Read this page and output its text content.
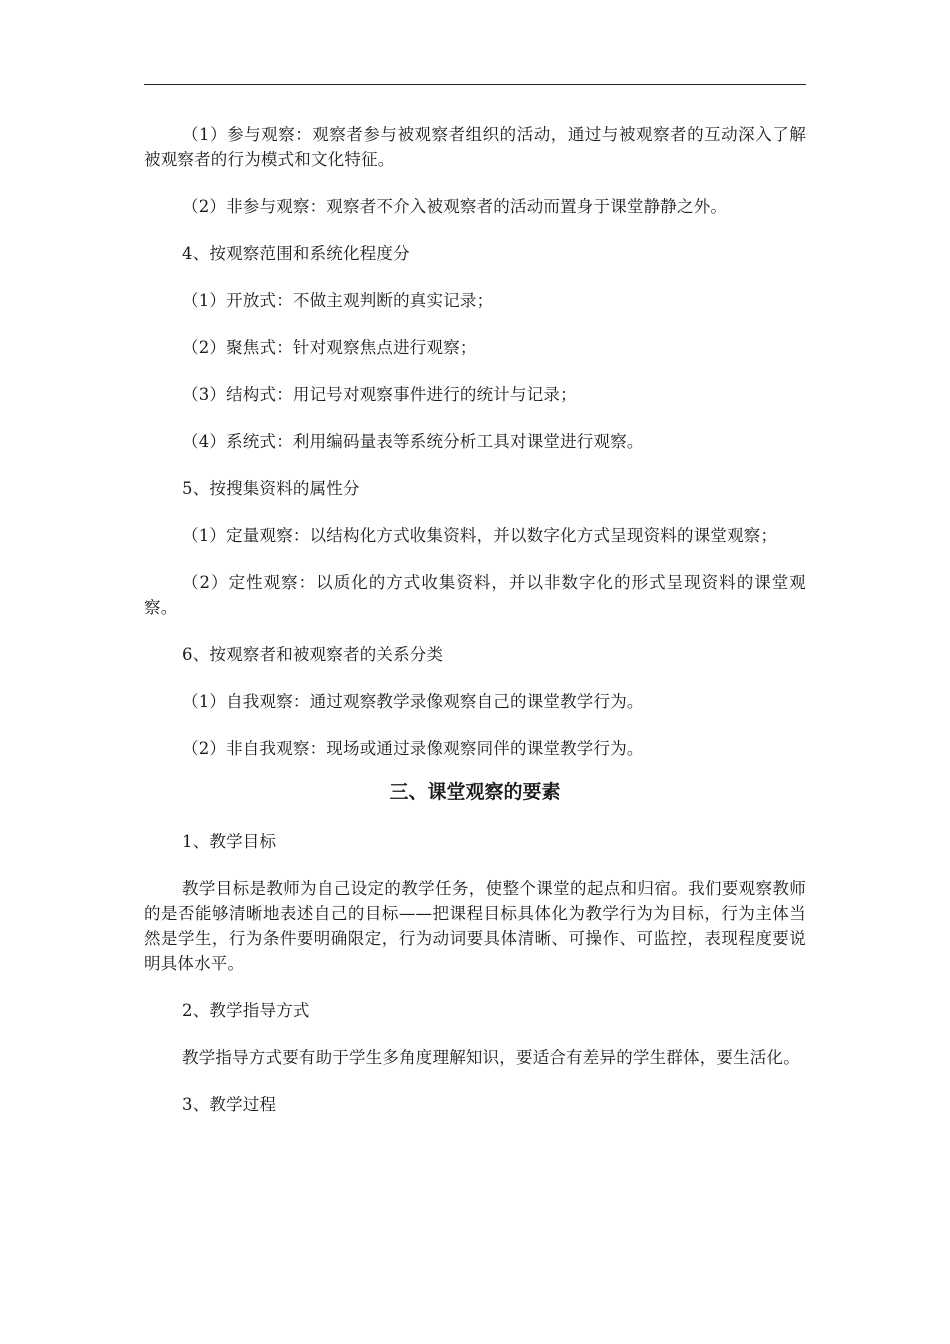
（1）参与观察：观察者参与被观察者组织的活动，通过与被观察者的互动深入了解被观察者的行为模式和文化特征。

（2）非参与观察：观察者不介入被观察者的活动而置身于课堂静静之外。

4、按观察范围和系统化程度分

（1）开放式：不做主观判断的真实记录；

（2）聚焦式：针对观察焦点进行观察；

（3）结构式：用记号对观察事件进行的统计与记录；

（4）系统式：利用编码量表等系统分析工具对课堂进行观察。

5、按搜集资料的属性分

（1）定量观察：以结构化方式收集资料，并以数字化方式呈现资料的课堂观察；

（2）定性观察：以质化的方式收集资料，并以非数字化的形式呈现资料的课堂观察。

6、按观察者和被观察者的关系分类

（1）自我观察：通过观察教学录像观察自己的课堂教学行为。

（2）非自我观察：现场或通过录像观察同伴的课堂教学行为。

三、课堂观察的要素

1、教学目标

教学目标是教师为自己设定的教学任务，使整个课堂的起点和归宿。我们要观察教师的是否能够清晰地表述自己的目标——把课程目标具体化为教学行为为目标，行为主体当然是学生，行为条件要明确限定，行为动词要具体清晰、可操作、可监控，表现程度要说明具体水平。

2、教学指导方式

教学指导方式要有助于学生多角度理解知识，要适合有差异的学生群体，要生活化。

3、教学过程
